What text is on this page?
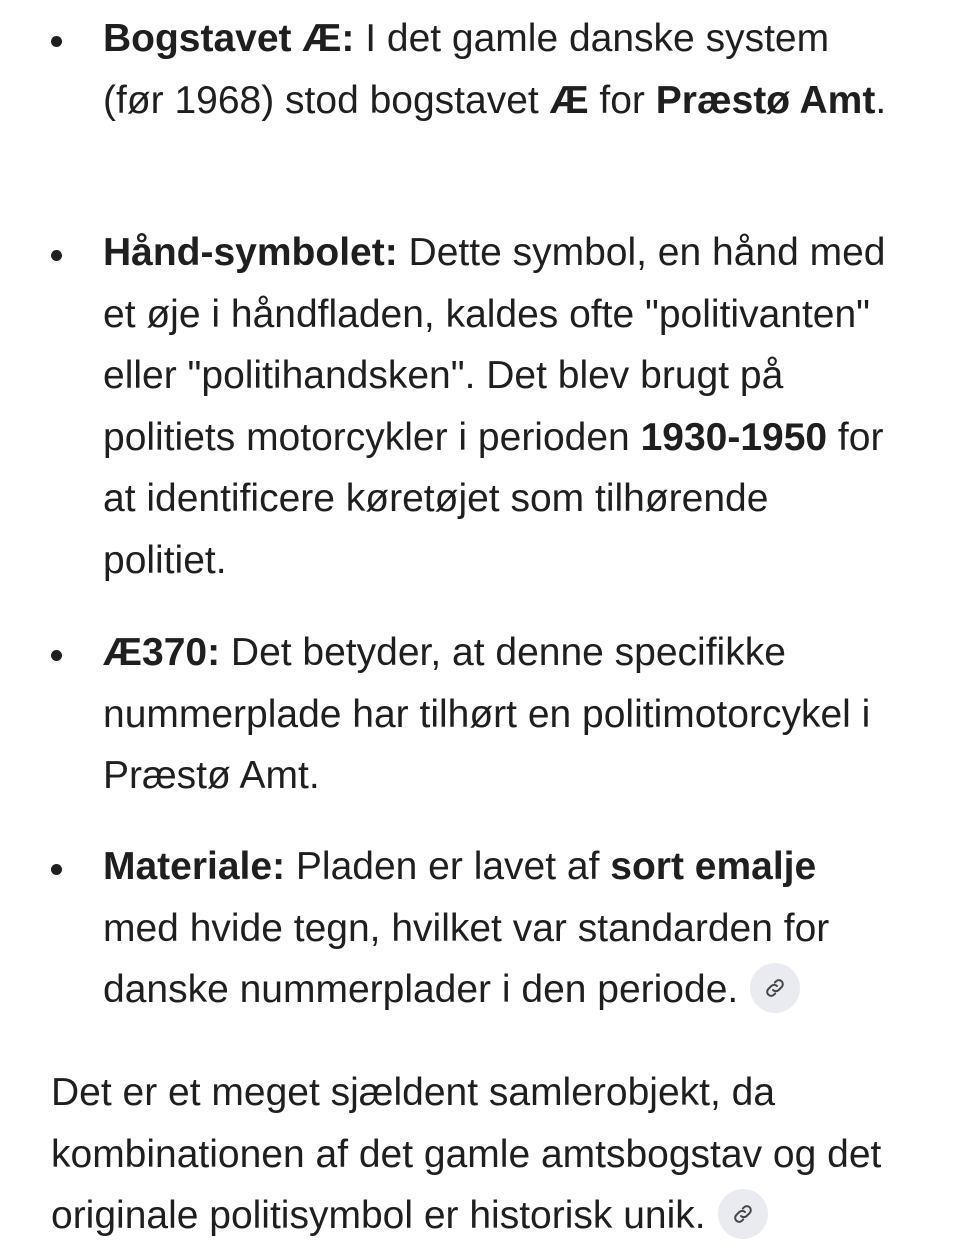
Bogstavet Æ: I det gamle danske system (før 1968) stod bogstavet Æ for Præstø Amt.
Hånd-symbolet: Dette symbol, en hånd med et øje i håndfladen, kaldes ofte "politivanten" eller "politihandsken". Det blev brugt på politiets motorcykler i perioden 1930-1950 for at identificere køretøjet som tilhørende politiet.
Æ370: Det betyder, at denne specifikke nummerplade har tilhørt en politimotorcykel i Præstø Amt.
Materiale: Pladen er lavet af sort emalje med hvide tegn, hvilket var standarden for danske nummerplader i den periode.

Det er et meget sjældent samlerobjekt, da kombinationen af det gamle amtsbogstav og det originale politisymbol er historisk unik.
